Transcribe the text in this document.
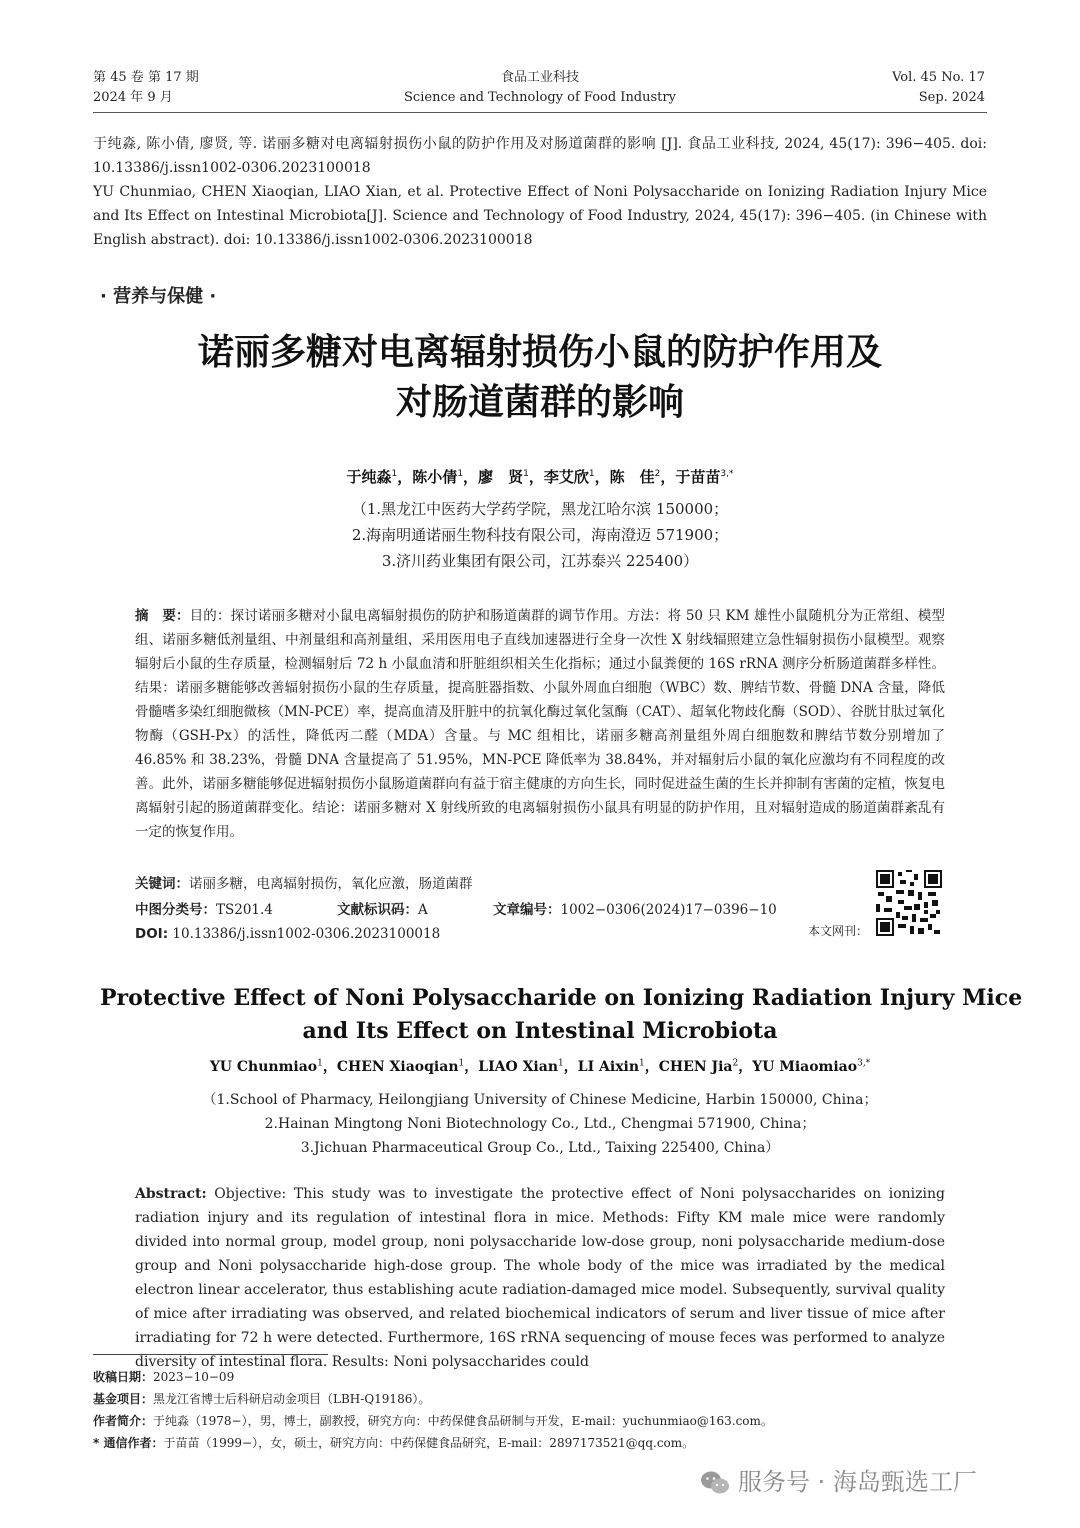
第 45 卷 第 17 期
2024 年 9 月
食品工业科技
Science and Technology of Food Industry
Vol. 45 No. 17
Sep. 2024

于纯淼, 陈小倩, 廖贤, 等. 诺丽多糖对电离辐射损伤小鼠的防护作用及对肠道菌群的影响 [J]. 食品工业科技, 2024, 45(17): 396−405. doi: 10.13386/j.issn1002-0306.2023100018

YU Chunmiao, CHEN Xiaoqian, LIAO Xian, et al. Protective Effect of Noni Polysaccharide on Ionizing Radiation Injury Mice and Its Effect on Intestinal Microbiota[J]. Science and Technology of Food Industry, 2024, 45(17): 396−405. (in Chinese with English abstract). doi: 10.13386/j.issn1002-0306.2023100018

· 营养与保健 ·
诺丽多糖对电离辐射损伤小鼠的防护作用及
对肠道菌群的影响
于纯淼$^1$，陈小倩$^1$，廖　贤$^1$，李艾欣$^1$，陈　佳$^2$，于苗苗$^{3,*}$
（1.黑龙江中医药大学药学院，黑龙江哈尔滨 150000；
2.海南明通诺丽生物科技有限公司，海南澄迈 571900；
3.济川药业集团有限公司，江苏泰兴 225400）
摘　要：目的：探讨诺丽多糖对小鼠电离辐射损伤的防护和肠道菌群的调节作用。方法：将 50 只 KM 雄性小鼠随机分为正常组、模型组、诺丽多糖低剂量组、中剂量组和高剂量组，采用医用电子直线加速器进行全身一次性 X 射线辐照建立急性辐射损伤小鼠模型。观察辐射后小鼠的生存质量，检测辐射后 72 h 小鼠血清和肝脏组织相关生化指标；通过小鼠粪便的 16S rRNA 测序分析肠道菌群多样性。结果：诺丽多糖能够改善辐射损伤小鼠的生存质量，提高脏器指数、小鼠外周血白细胞（WBC）数、脾结节数、骨髓 DNA 含量，降低骨髓嗜多染红细胞微核（MN-PCE）率，提高血清及肝脏中的抗氧化酶过氧化氢酶（CAT）、超氧化物歧化酶（SOD）、谷胱甘肽过氧化物酶（GSH-Px）的活性，降低丙二醛（MDA）含量。与 MC 组相比，诺丽多糖高剂量组外周白细胞数和脾结节数分别增加了 46.85% 和 38.23%，骨髓 DNA 含量提高了 51.95%，MN-PCE 降低率为 38.84%，并对辐射后小鼠的氧化应激均有不同程度的改善。此外，诺丽多糖能够促进辐射损伤小鼠肠道菌群向有益于宿主健康的方向生长，同时促进益生菌的生长并抑制有害菌的定植，恢复电离辐射引起的肠道菌群变化。结论：诺丽多糖对 X 射线所致的电离辐射损伤小鼠具有明显的防护作用，且对辐射造成的肠道菌群紊乱有一定的恢复作用。
关键词：诺丽多糖，电离辐射损伤，氧化应激，肠道菌群
中图分类号：TS201.4	文献标识码：A	文章编号：1002−0306(2024)17−0396−10
DOI: 10.13386/j.issn1002-0306.2023100018	本文网刊：
Protective Effect of Noni Polysaccharide on Ionizing Radiation Injury Mice
and Its Effect on Intestinal Microbiota
YU Chunmiao$^1$，CHEN Xiaoqian$^1$，LIAO Xian$^1$，LI Aixin$^1$，CHEN Jia$^2$，YU Miaomiao$^{3,*}$
（1.School of Pharmacy, Heilongjiang University of Chinese Medicine, Harbin 150000, China；
2.Hainan Mingtong Noni Biotechnology Co., Ltd., Chengmai 571900, China；
3.Jichuan Pharmaceutical Group Co., Ltd., Taixing 225400, China）
Abstract: Objective: This study was to investigate the protective effect of Noni polysaccharides on ionizing radiation injury and its regulation of intestinal flora in mice. Methods: Fifty KM male mice were randomly divided into normal group, model group, noni polysaccharide low-dose group, noni polysaccharide medium-dose group and Noni polysaccharide high-dose group. The whole body of the mice was irradiated by the medical electron linear accelerator, thus establishing acute radiation-damaged mice model. Subsequently, survival quality of mice after irradiating was observed, and related biochemical indicators of serum and liver tissue of mice after irradiating for 72 h were detected. Furthermore, 16S rRNA sequencing of mouse feces was performed to analyze diversity of intestinal flora. Results: Noni polysaccharides could
收稿日期：2023−10−09
基金项目：黑龙江省博士后科研启动金项目（LBH-Q19186）。
作者简介：于纯淼（1978−），男，博士，副教授，研究方向：中药保健食品研制与开发，E-mail：yuchunmiao@163.com。
* 通信作者：于苗苗（1999−），女，硕士，研究方向：中药保健食品研究，E-mail：2897173521@qq.com。
服务号 · 海岛甄选工厂
